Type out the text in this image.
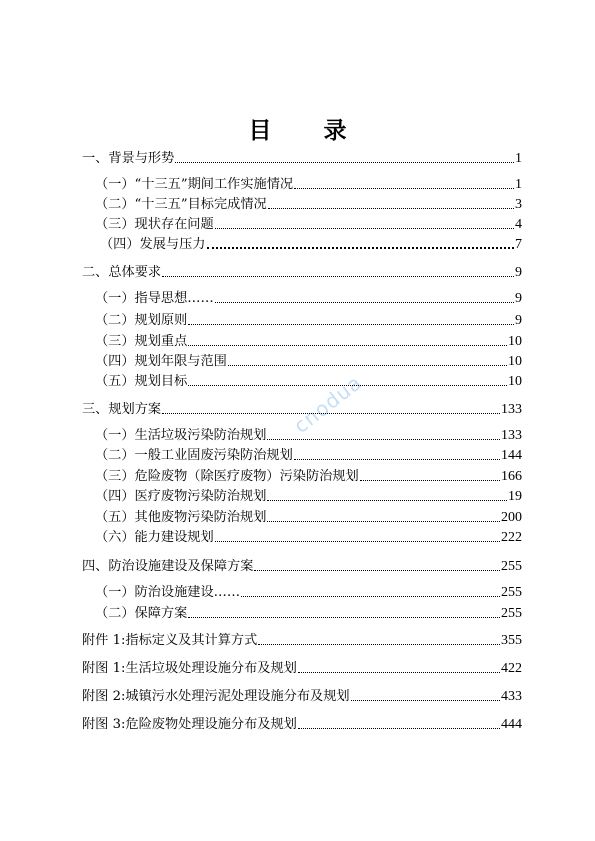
目 录
cnodua
一、背景与形势	1
（一）“十三五”期间工作实施情况	1
（二）“十三五”目标完成情况	3
（三）现状存在问题	4
（四）发展与压力	7
二、总体要求	9
（一）指导思想……	9
（二）规划原则	9
（三）规划重点	10
（四）规划年限与范围	10
（五）规划目标	10
三、规划方案	133
（一）生活垃圾污染防治规划	133
（二）一般工业固废污染防治规划	144
（三）危险废物（除医疗废物）污染防治规划	166
（四）医疗废物污染防治规划	19
（五）其他废物污染防治规划	200
（六）能力建设规划	222
四、防治设施建设及保障方案	255
（一）防治设施建设……	255
（二）保障方案	255
附件 1:指标定义及其计算方式	355
附图 1:生活垃圾处理设施分布及规划	422
附图 2:城镇污水处理污泥处理设施分布及规划	433
附图 3:危险废物处理设施分布及规划	444
